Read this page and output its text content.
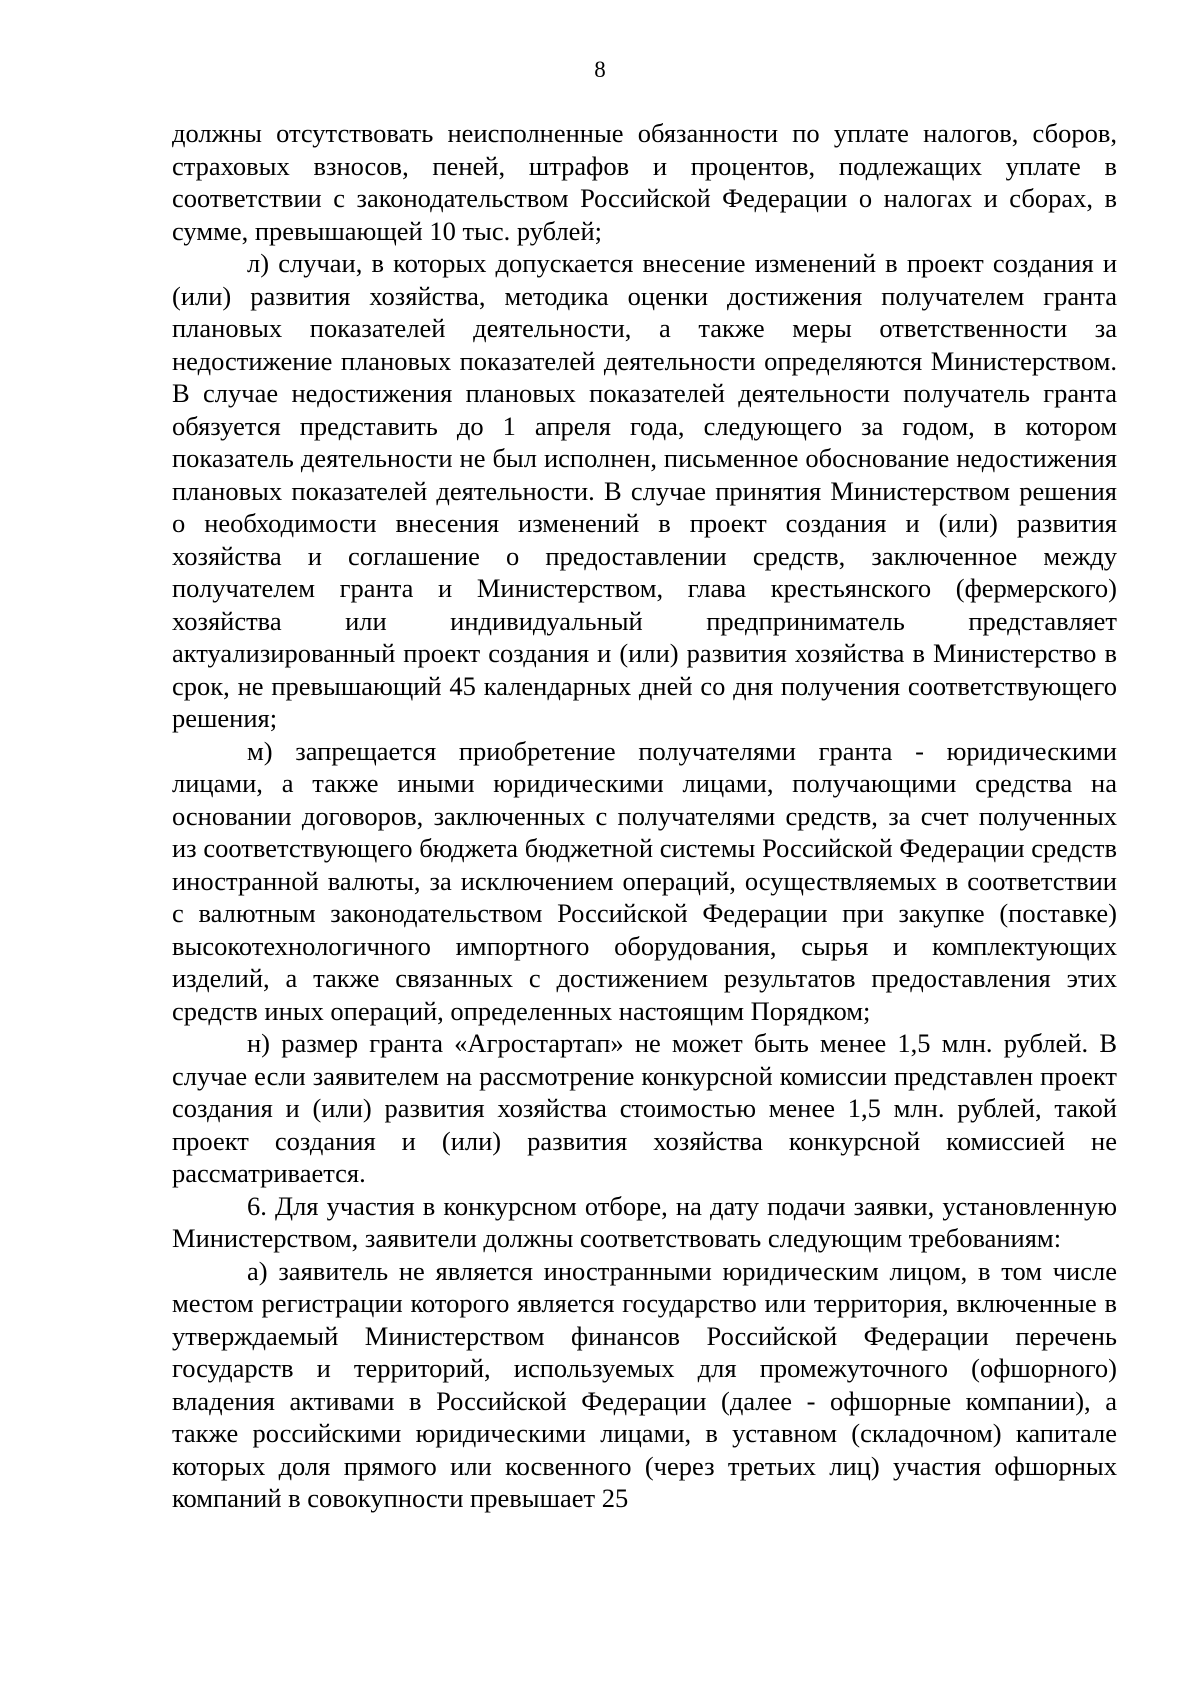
8

должны отсутствовать неисполненные обязанности по уплате налогов, сборов, страховых взносов, пеней, штрафов и процентов, подлежащих уплате в соответствии с законодательством Российской Федерации о налогах и сборах, в сумме, превышающей 10 тыс. рублей;

л) случаи, в которых допускается внесение изменений в проект создания и (или) развития хозяйства, методика оценки достижения получателем гранта плановых показателей деятельности, а также меры ответственности за недостижение плановых показателей деятельности определяются Министерством. В случае недостижения плановых показателей деятельности получатель гранта обязуется представить до 1 апреля года, следующего за годом, в котором показатель деятельности не был исполнен, письменное обоснование недостижения плановых показателей деятельности. В случае принятия Министерством решения о необходимости внесения изменений в проект создания и (или) развития хозяйства и соглашение о предоставлении средств, заключенное между получателем гранта и Министерством, глава крестьянского (фермерского) хозяйства или индивидуальный предприниматель представляет актуализированный проект создания и (или) развития хозяйства в Министерство в срок, не превышающий 45 календарных дней со дня получения соответствующего решения;

м) запрещается приобретение получателями гранта - юридическими лицами, а также иными юридическими лицами, получающими средства на основании договоров, заключенных с получателями средств, за счет полученных из соответствующего бюджета бюджетной системы Российской Федерации средств иностранной валюты, за исключением операций, осуществляемых в соответствии с валютным законодательством Российской Федерации при закупке (поставке) высокотехнологичного импортного оборудования, сырья и комплектующих изделий, а также связанных с достижением результатов предоставления этих средств иных операций, определенных настоящим Порядком;

н) размер гранта «Агростартап» не может быть менее 1,5 млн. рублей. В случае если заявителем на рассмотрение конкурсной комиссии представлен проект создания и (или) развития хозяйства стоимостью менее 1,5 млн. рублей, такой проект создания и (или) развития хозяйства конкурсной комиссией не рассматривается.

6. Для участия в конкурсном отборе, на дату подачи заявки, установленную Министерством, заявители должны соответствовать следующим требованиям:

а) заявитель не является иностранными юридическим лицом, в том числе местом регистрации которого является государство или территория, включенные в утверждаемый Министерством финансов Российской Федерации перечень государств и территорий, используемых для промежуточного (офшорного) владения активами в Российской Федерации (далее - офшорные компании), а также российскими юридическими лицами, в уставном (складочном) капитале которых доля прямого или косвенного (через третьих лиц) участия офшорных компаний в совокупности превышает 25
